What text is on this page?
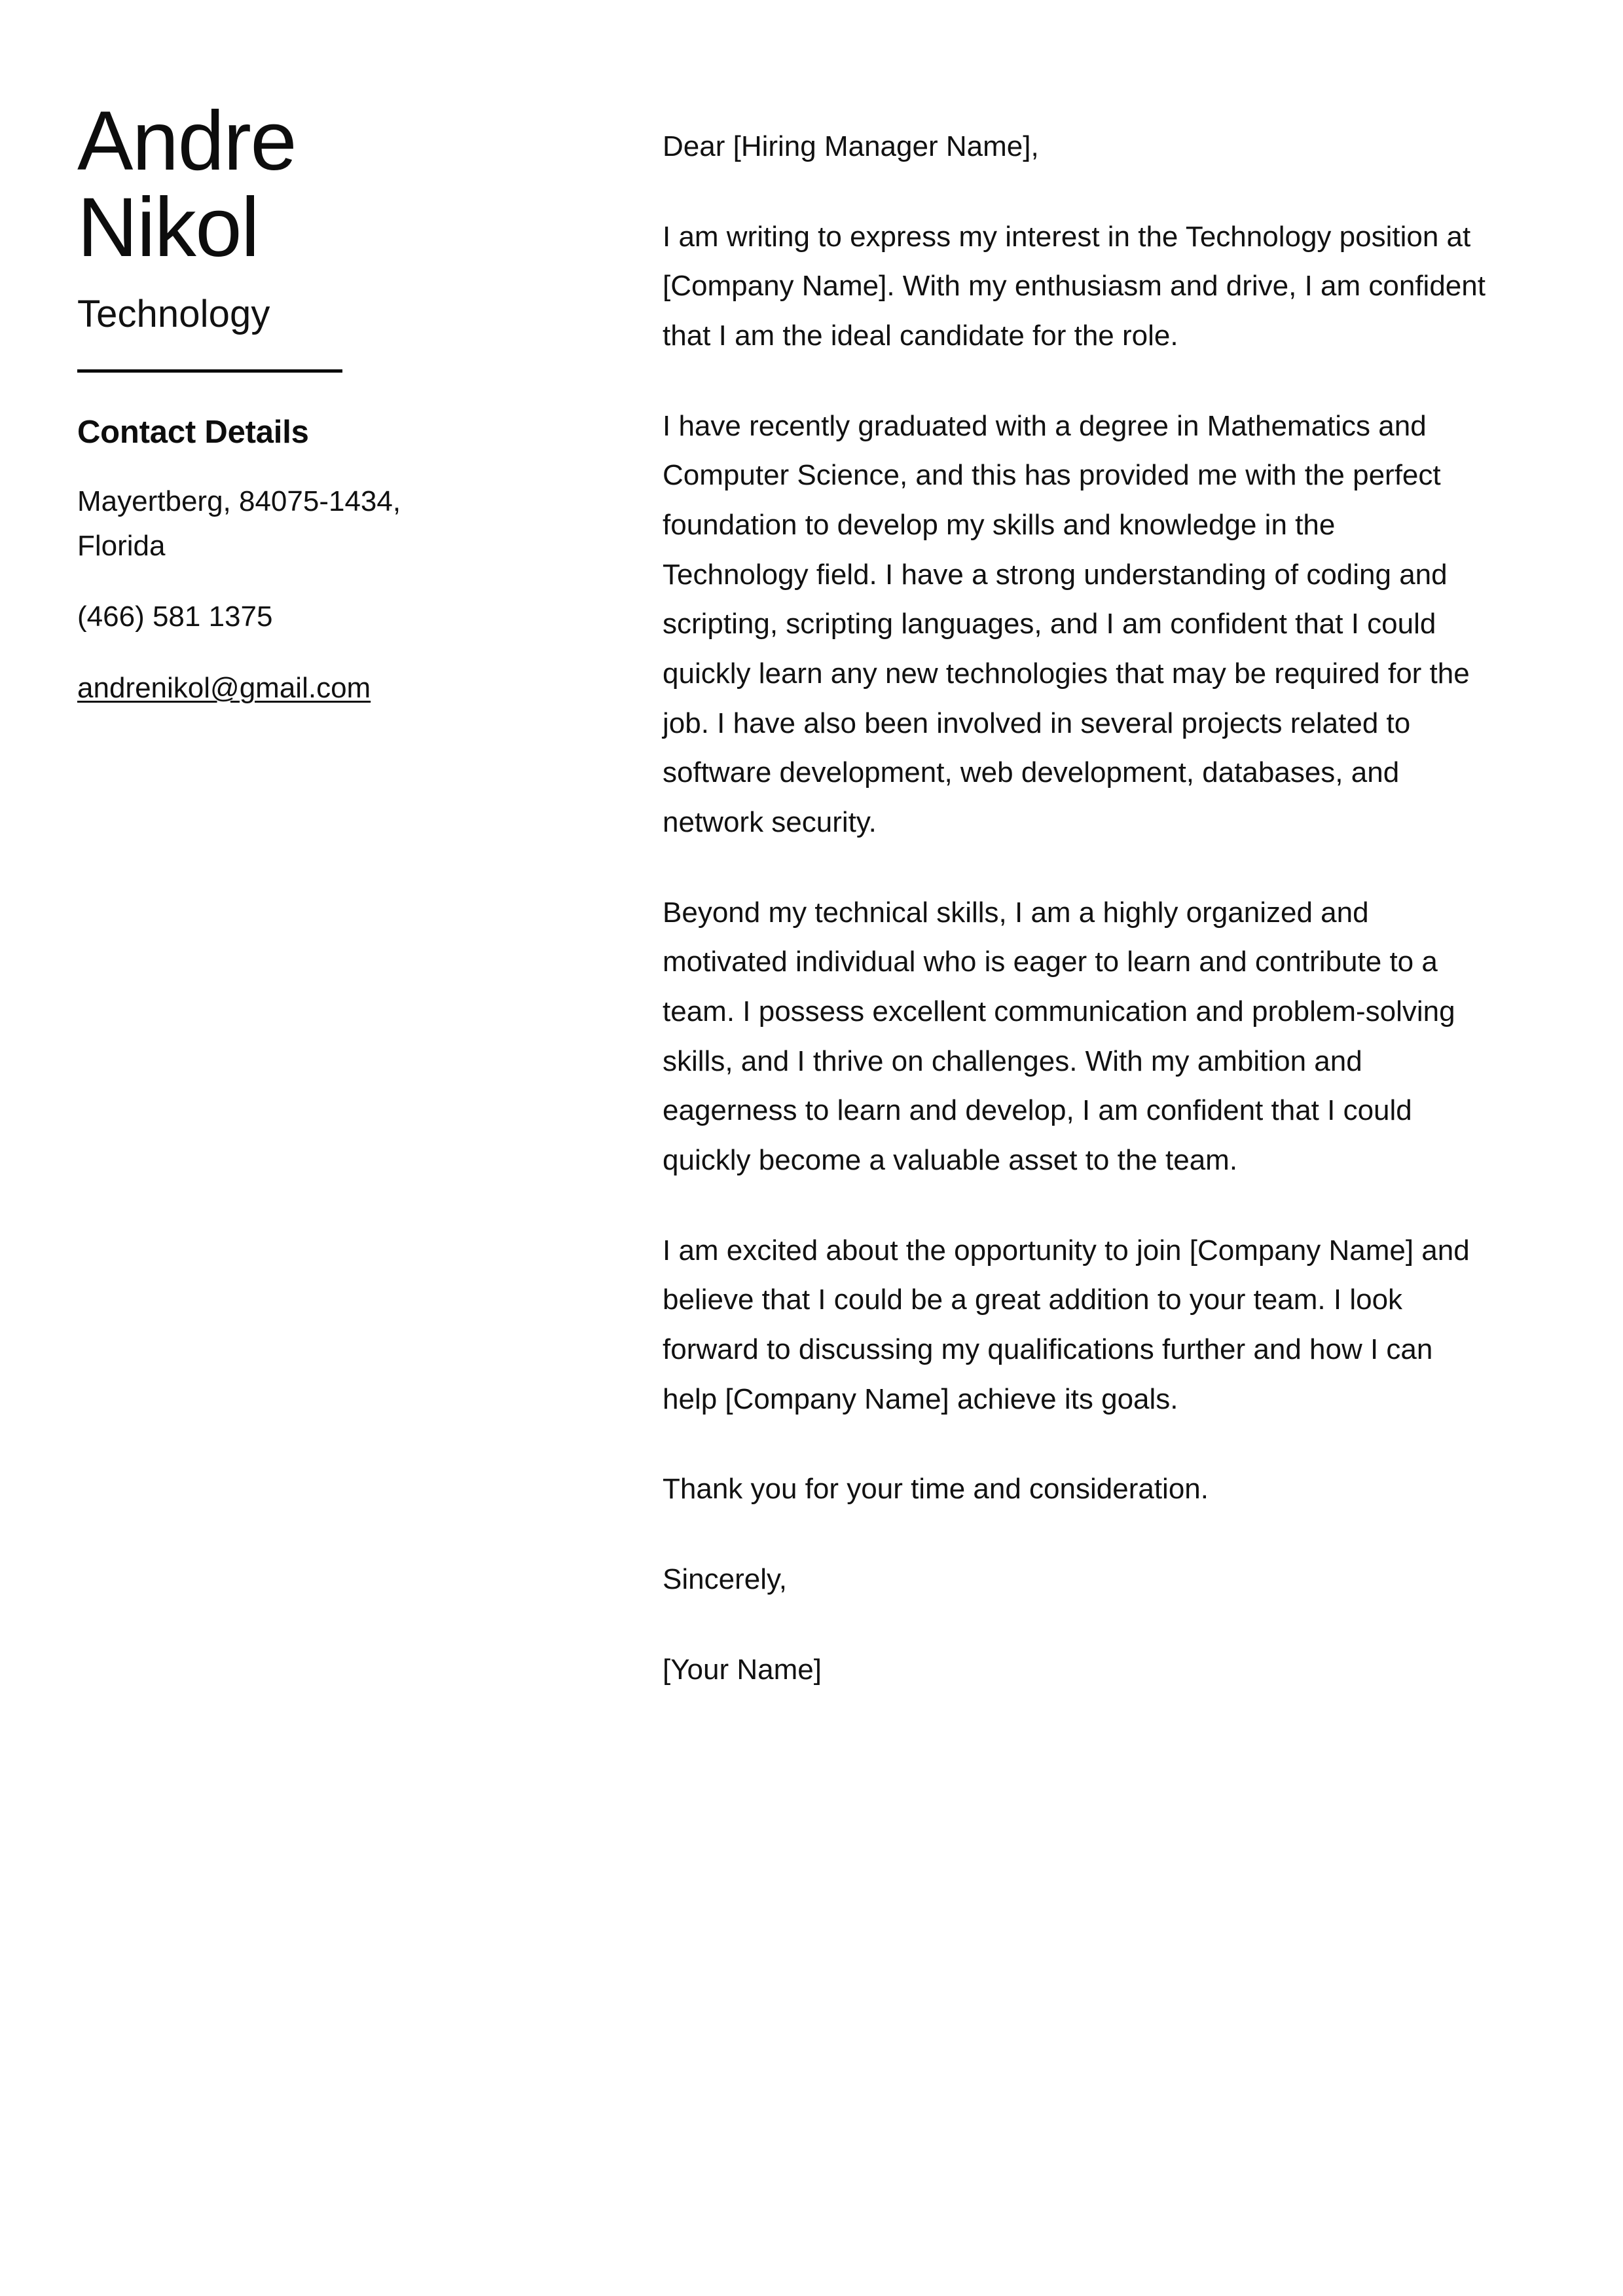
Andre
Nikol
Technology
Contact Details
Mayertberg, 84075-1434, Florida
(466) 581 1375
andrenikol@gmail.com

Dear [Hiring Manager Name],

I am writing to express my interest in the Technology position at [Company Name]. With my enthusiasm and drive, I am confident that I am the ideal candidate for the role.

I have recently graduated with a degree in Mathematics and Computer Science, and this has provided me with the perfect foundation to develop my skills and knowledge in the Technology field. I have a strong understanding of coding and scripting, scripting languages, and I am confident that I could quickly learn any new technologies that may be required for the job. I have also been involved in several projects related to software development, web development, databases, and network security.

Beyond my technical skills, I am a highly organized and motivated individual who is eager to learn and contribute to a team. I possess excellent communication and problem-solving skills, and I thrive on challenges. With my ambition and eagerness to learn and develop, I am confident that I could quickly become a valuable asset to the team.

I am excited about the opportunity to join [Company Name] and believe that I could be a great addition to your team. I look forward to discussing my qualifications further and how I can help [Company Name] achieve its goals.

Thank you for your time and consideration.

Sincerely,

[Your Name]
